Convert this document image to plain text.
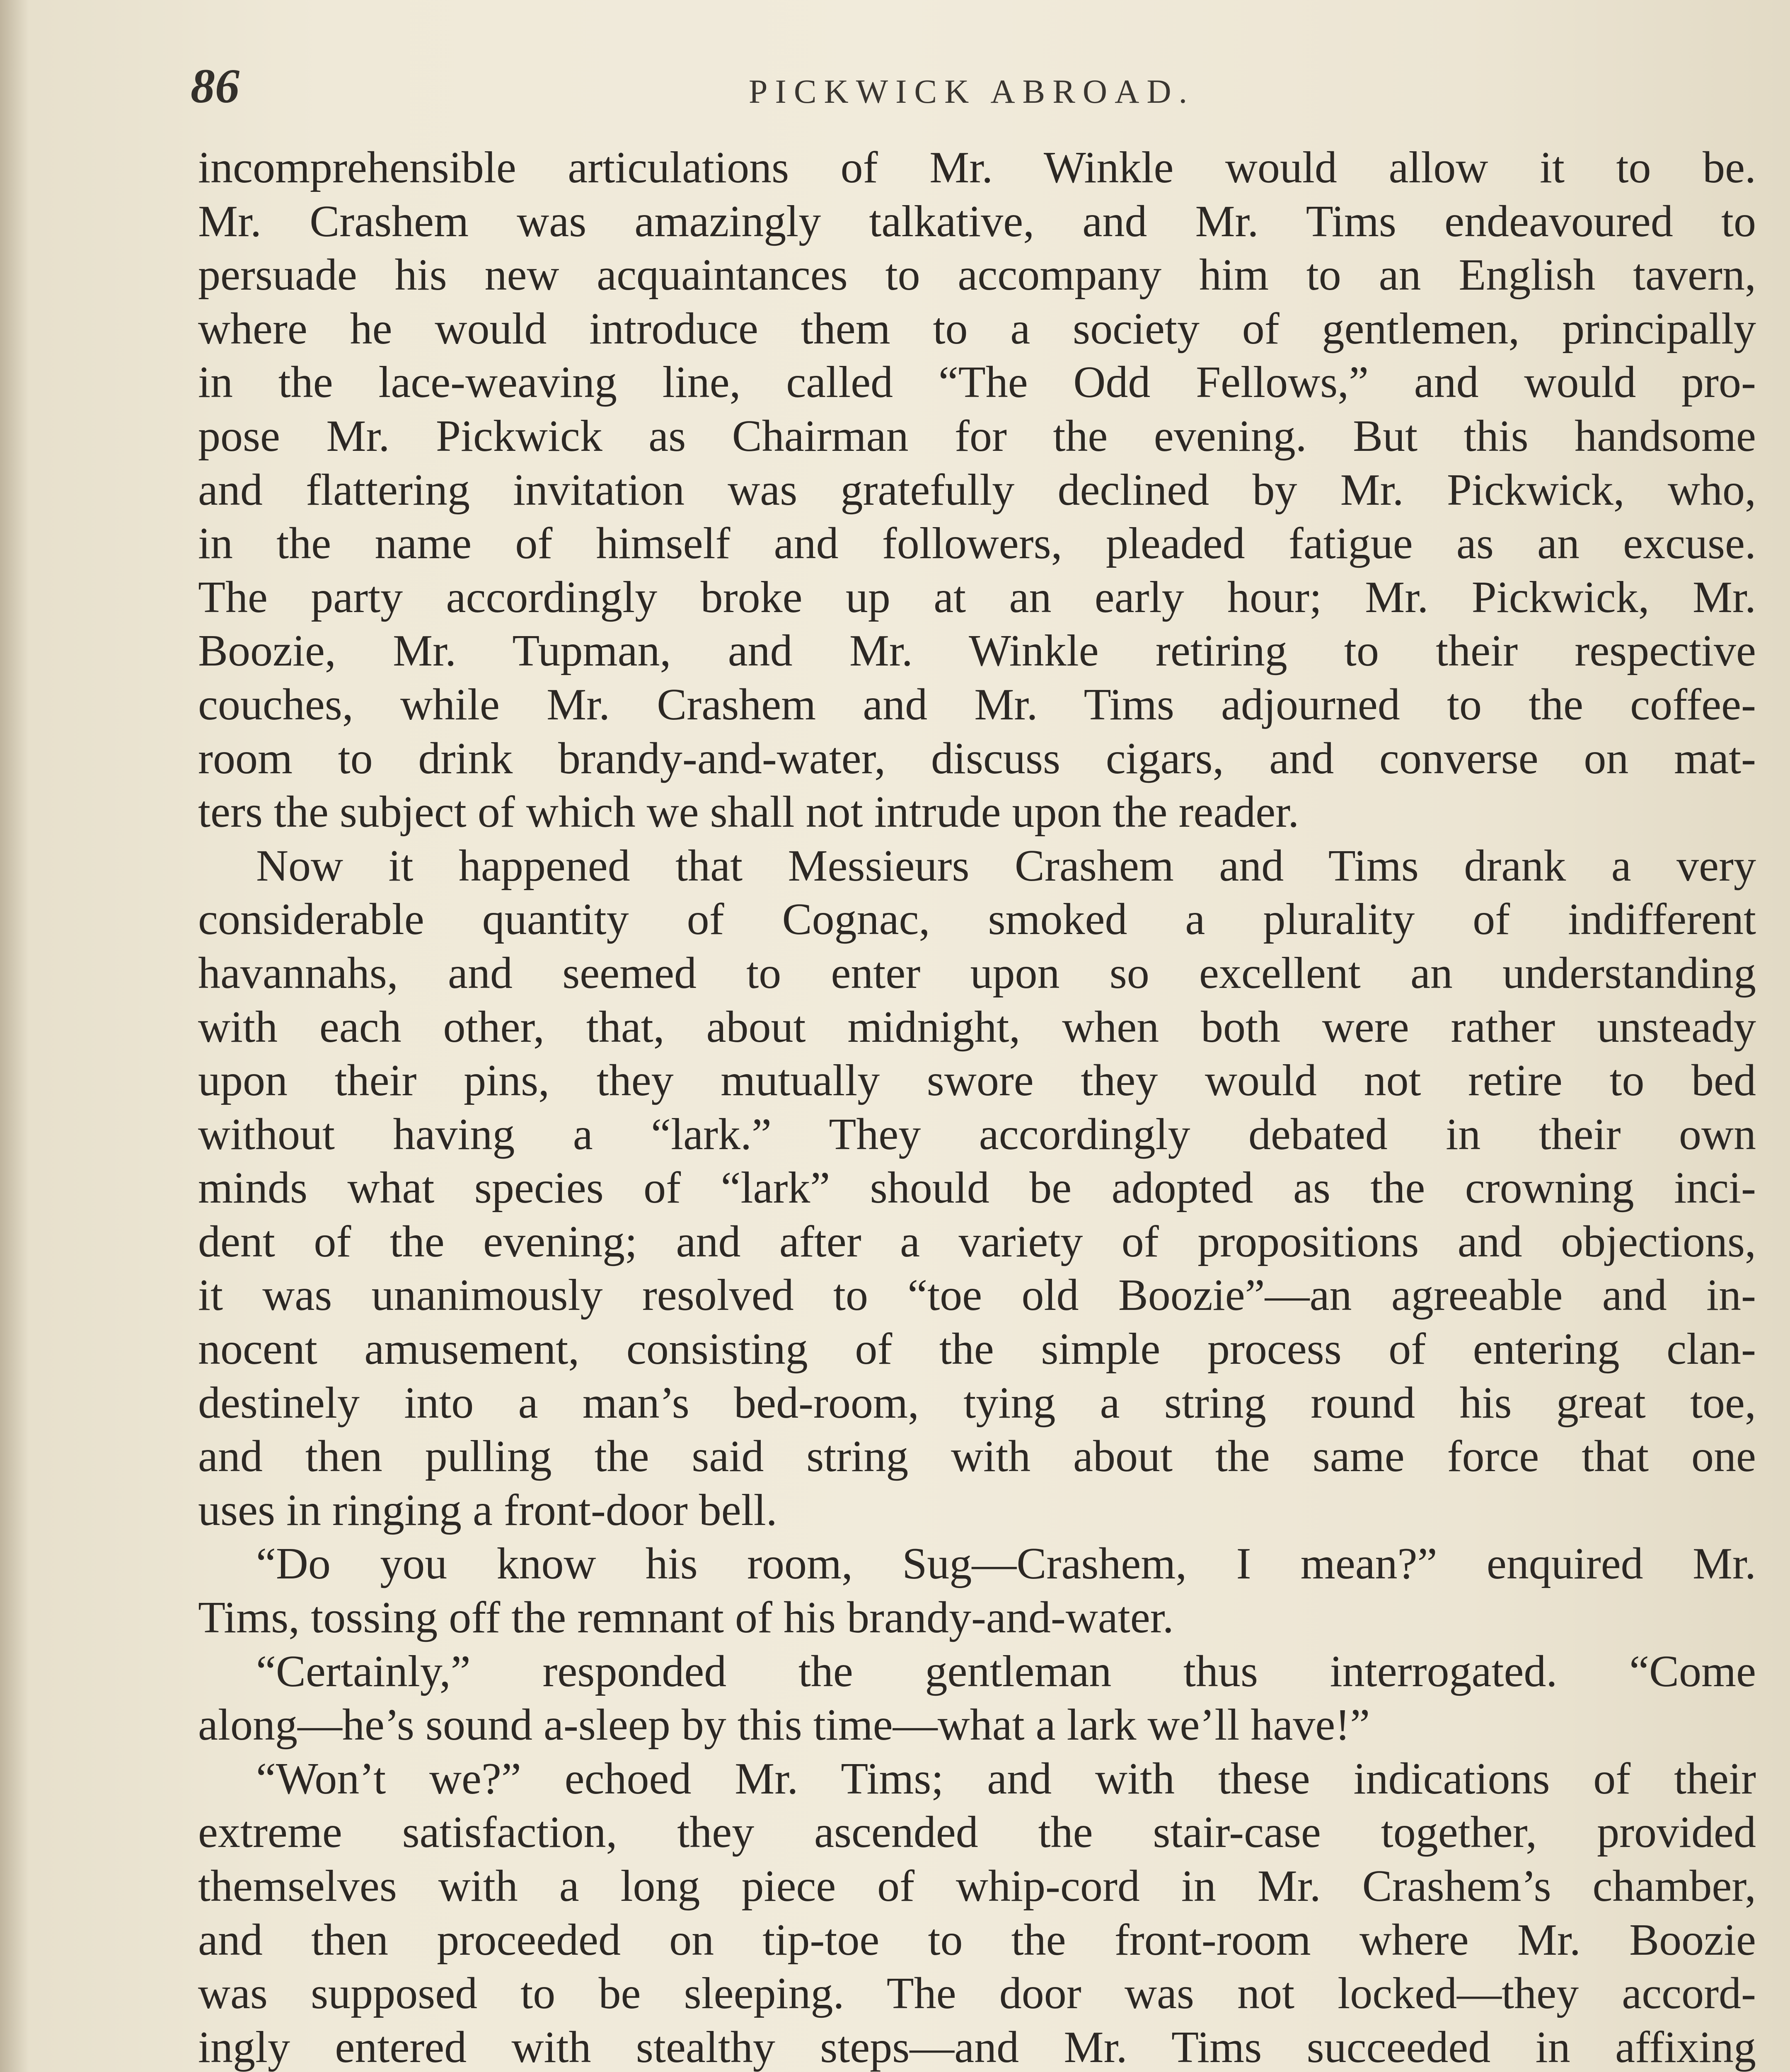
86	PICKWICK ABROAD.
incomprehensible articulations of Mr. Winkle would allow it to be.
Mr. Crashem was amazingly talkative, and Mr. Tims endeavoured to
persuade his new acquaintances to accompany him to an English tavern,
where he would introduce them to a society of gentlemen, principally
in the lace-weaving line, called “The Odd Fellows,” and would pro-
pose Mr. Pickwick as Chairman for the evening. But this handsome
and flattering invitation was gratefully declined by Mr. Pickwick, who,
in the name of himself and followers, pleaded fatigue as an excuse.
The party accordingly broke up at an early hour; Mr. Pickwick, Mr.
Boozie, Mr. Tupman, and Mr. Winkle retiring to their respective
couches, while Mr. Crashem and Mr. Tims adjourned to the coffee-
room to drink brandy-and-water, discuss cigars, and converse on mat-
ters the subject of which we shall not intrude upon the reader.
Now it happened that Messieurs Crashem and Tims drank a very
considerable quantity of Cognac, smoked a plurality of indifferent
havannahs, and seemed to enter upon so excellent an understanding
with each other, that, about midnight, when both were rather unsteady
upon their pins, they mutually swore they would not retire to bed
without having a “lark.” They accordingly debated in their own
minds what species of “lark” should be adopted as the crowning inci-
dent of the evening; and after a variety of propositions and objections,
it was unanimously resolved to “toe old Boozie”—an agreeable and in-
nocent amusement, consisting of the simple process of entering clan-
destinely into a man’s bed-room, tying a string round his great toe,
and then pulling the said string with about the same force that one
uses in ringing a front-door bell.
“Do you know his room, Sug—Crashem, I mean?” enquired Mr.
Tims, tossing off the remnant of his brandy-and-water.
“Certainly,” responded the gentleman thus interrogated. “Come
along—he’s sound a-sleep by this time—what a lark we’ll have!”
“Won’t we?” echoed Mr. Tims; and with these indications of their
extreme satisfaction, they ascended the stair-case together, provided
themselves with a long piece of whip-cord in Mr. Crashem’s chamber,
and then proceeded on tip-toe to the front-room where Mr. Boozie
was supposed to be sleeping. The door was not locked—they accord-
ingly entered with stealthy steps—and Mr. Tims succeeded in affixing
